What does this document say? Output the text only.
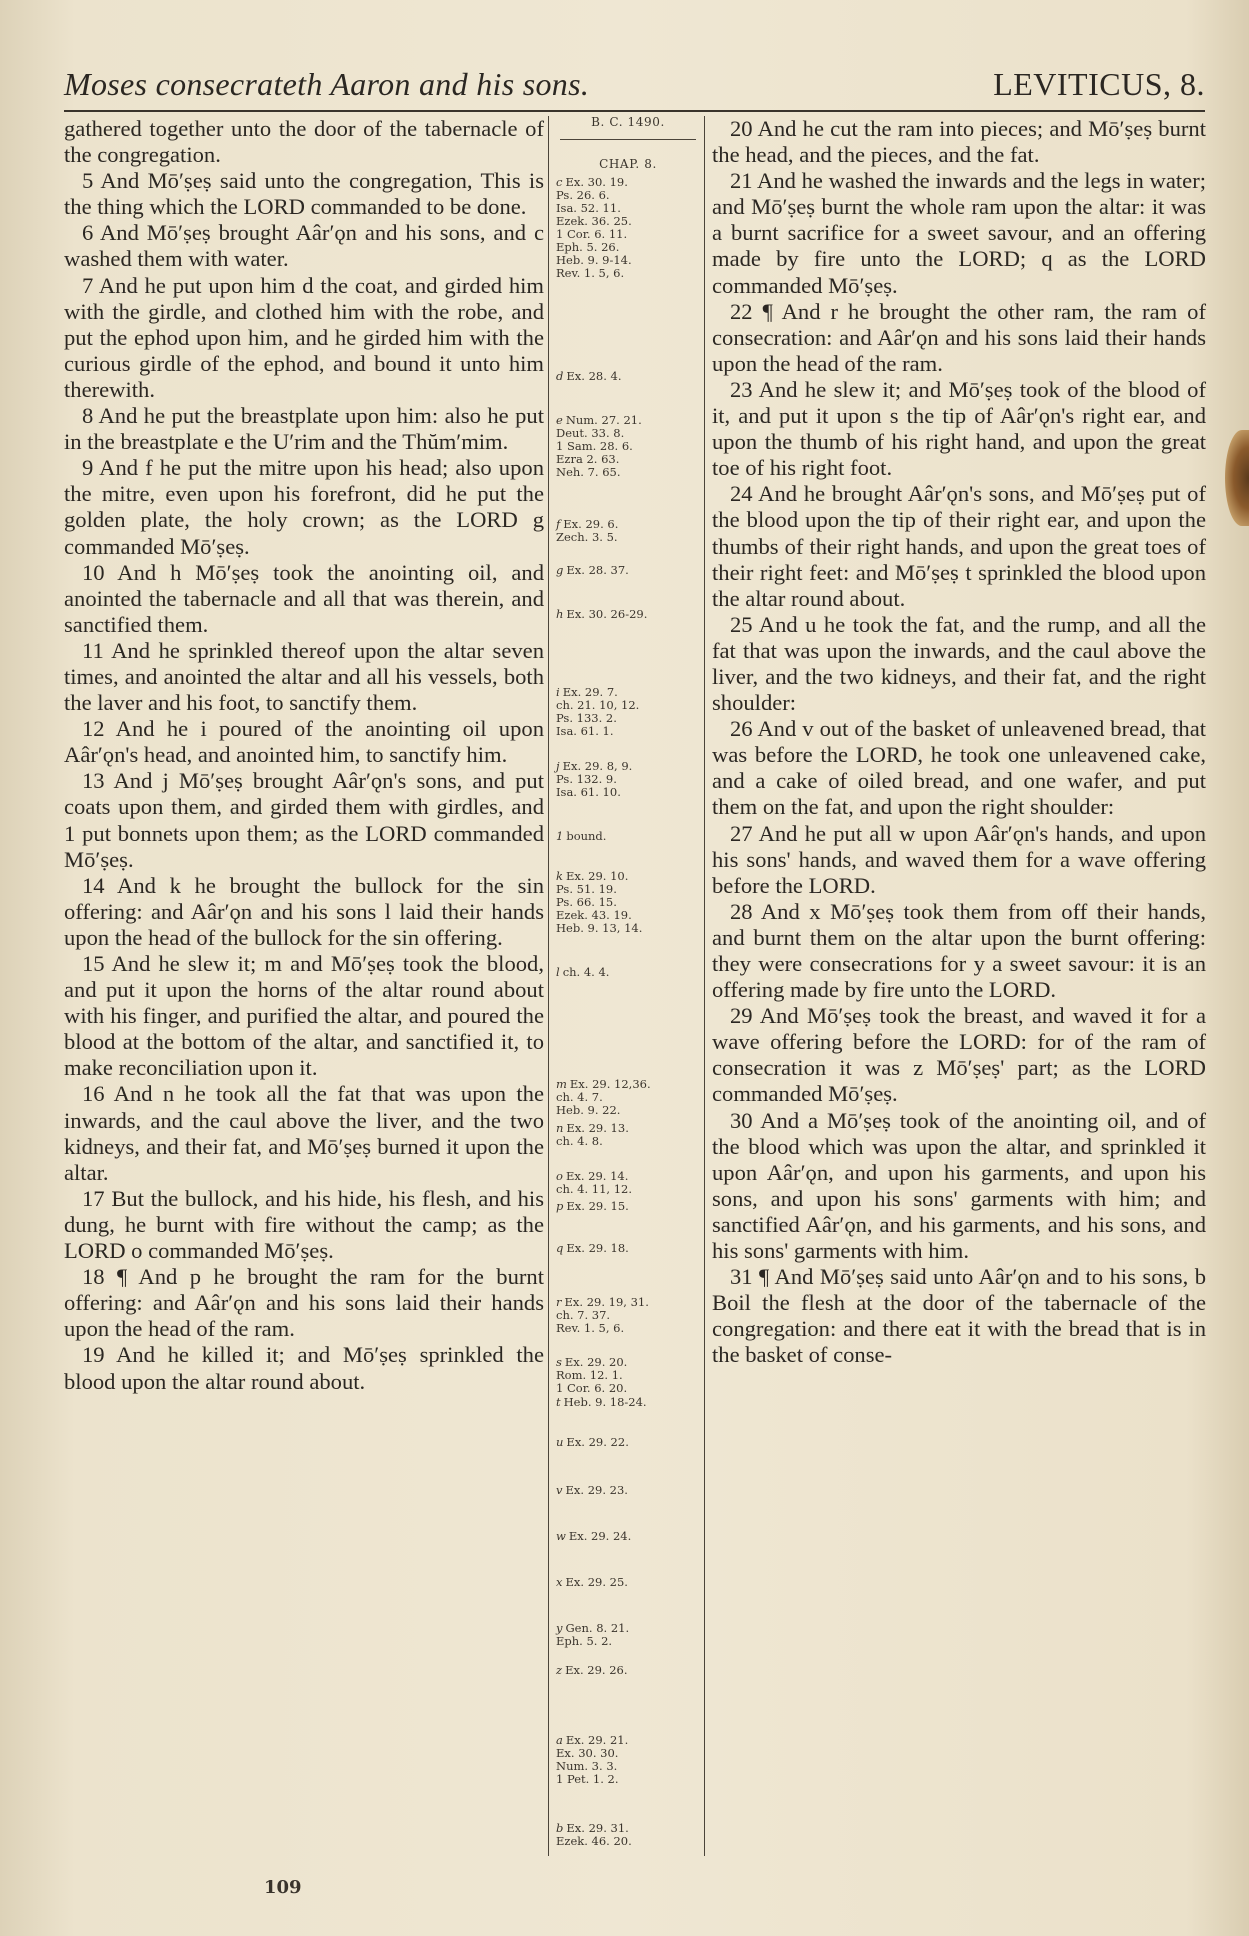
Moses consecrateth Aaron and his sons.	LEVITICUS, 8.

gathered together unto the door of the tabernacle of the congregation.

5 And Mō′ṣeṣ said unto the congregation, This is the thing which the LORD commanded to be done.

6 And Mō′ṣeṣ brought Aâr′ǫn and his sons, and c washed them with water.

7 And he put upon him d the coat, and girded him with the girdle, and clothed him with the robe, and put the ephod upon him, and he girded him with the curious girdle of the ephod, and bound it unto him therewith.

8 And he put the breastplate upon him: also he put in the breastplate e the U′rim and the Thŭm′mim.

9 And f he put the mitre upon his head; also upon the mitre, even upon his forefront, did he put the golden plate, the holy crown; as the LORD g commanded Mō′ṣeṣ.

10 And h Mō′ṣeṣ took the anointing oil, and anointed the tabernacle and all that was therein, and sanctified them.

11 And he sprinkled thereof upon the altar seven times, and anointed the altar and all his vessels, both the laver and his foot, to sanctify them.

12 And he i poured of the anointing oil upon Aâr′ǫn's head, and anointed him, to sanctify him.

13 And j Mō′ṣeṣ brought Aâr′ǫn's sons, and put coats upon them, and girded them with girdles, and 1 put bonnets upon them; as the LORD commanded Mō′ṣeṣ.

14 And k he brought the bullock for the sin offering: and Aâr′ǫn and his sons l laid their hands upon the head of the bullock for the sin offering.

15 And he slew it; m and Mō′ṣeṣ took the blood, and put it upon the horns of the altar round about with his finger, and purified the altar, and poured the blood at the bottom of the altar, and sanctified it, to make reconciliation upon it.

16 And n he took all the fat that was upon the inwards, and the caul above the liver, and the two kidneys, and their fat, and Mō′ṣeṣ burned it upon the altar.

17 But the bullock, and his hide, his flesh, and his dung, he burnt with fire without the camp; as the LORD o commanded Mō′ṣeṣ.

18 ¶ And p he brought the ram for the burnt offering: and Aâr′ǫn and his sons laid their hands upon the head of the ram.

19 And he killed it; and Mō′ṣeṣ sprinkled the blood upon the altar round about.

B. C. 1490.
CHAP. 8.
c Ex. 30. 19.
Ps. 26. 6.
Isa. 52. 11.
Ezek. 36. 25.
1 Cor. 6. 11.
Eph. 5. 26.
Heb. 9. 9-14.
Rev. 1. 5, 6.
d Ex. 28. 4.
e Num. 27. 21.
Deut. 33. 8.
1 Sam. 28. 6.
Ezra 2. 63.
Neh. 7. 65.
f Ex. 29. 6.
Zech. 3. 5.
g Ex. 28. 37.
h Ex. 30. 26-29.
i Ex. 29. 7.
ch. 21. 10, 12.
Ps. 133. 2.
Isa. 61. 1.
j Ex. 29. 8, 9.
Ps. 132. 9.
Isa. 61. 10.
1 bound.
k Ex. 29. 10.
Ps. 51. 19.
Ps. 66. 15.
Ezek. 43. 19.
Heb. 9. 13, 14.
l ch. 4. 4.
m Ex. 29. 12,36.
ch. 4. 7.
Heb. 9. 22.
n Ex. 29. 13.
ch. 4. 8.
o Ex. 29. 14.
ch. 4. 11, 12.
p Ex. 29. 15.
q Ex. 29. 18.
r Ex. 29. 19, 31.
ch. 7. 37.
Rev. 1. 5, 6.
s Ex. 29. 20.
Rom. 12. 1.
1 Cor. 6. 20.
t Heb. 9. 18-24.
u Ex. 29. 22.
v Ex. 29. 23.
w Ex. 29. 24.
x Ex. 29. 25.
y Gen. 8. 21.
Eph. 5. 2.
z Ex. 29. 26.
a Ex. 29. 21.
Ex. 30. 30.
Num. 3. 3.
1 Pet. 1. 2.
b Ex. 29. 31.
Ezek. 46. 20.

20 And he cut the ram into pieces; and Mō′ṣeṣ burnt the head, and the pieces, and the fat.

21 And he washed the inwards and the legs in water; and Mō′ṣeṣ burnt the whole ram upon the altar: it was a burnt sacrifice for a sweet savour, and an offering made by fire unto the LORD; q as the LORD commanded Mō′ṣeṣ.

22 ¶ And r he brought the other ram, the ram of consecration: and Aâr′ǫn and his sons laid their hands upon the head of the ram.

23 And he slew it; and Mō′ṣeṣ took of the blood of it, and put it upon s the tip of Aâr′ǫn's right ear, and upon the thumb of his right hand, and upon the great toe of his right foot.

24 And he brought Aâr′ǫn's sons, and Mō′ṣeṣ put of the blood upon the tip of their right ear, and upon the thumbs of their right hands, and upon the great toes of their right feet: and Mō′ṣeṣ t sprinkled the blood upon the altar round about.

25 And u he took the fat, and the rump, and all the fat that was upon the inwards, and the caul above the liver, and the two kidneys, and their fat, and the right shoulder:

26 And v out of the basket of unleavened bread, that was before the LORD, he took one unleavened cake, and a cake of oiled bread, and one wafer, and put them on the fat, and upon the right shoulder:

27 And he put all w upon Aâr′ǫn's hands, and upon his sons' hands, and waved them for a wave offering before the LORD.

28 And x Mō′ṣeṣ took them from off their hands, and burnt them on the altar upon the burnt offering: they were consecrations for y a sweet savour: it is an offering made by fire unto the LORD.

29 And Mō′ṣeṣ took the breast, and waved it for a wave offering before the LORD: for of the ram of consecration it was z Mō′ṣeṣ' part; as the LORD commanded Mō′ṣeṣ.

30 And a Mō′ṣeṣ took of the anointing oil, and of the blood which was upon the altar, and sprinkled it upon Aâr′ǫn, and upon his garments, and upon his sons, and upon his sons' garments with him; and sanctified Aâr′ǫn, and his garments, and his sons, and his sons' garments with him.

31 ¶ And Mō′ṣeṣ said unto Aâr′ǫn and to his sons, b Boil the flesh at the door of the tabernacle of the congregation: and there eat it with the bread that is in the basket of conse-

109
